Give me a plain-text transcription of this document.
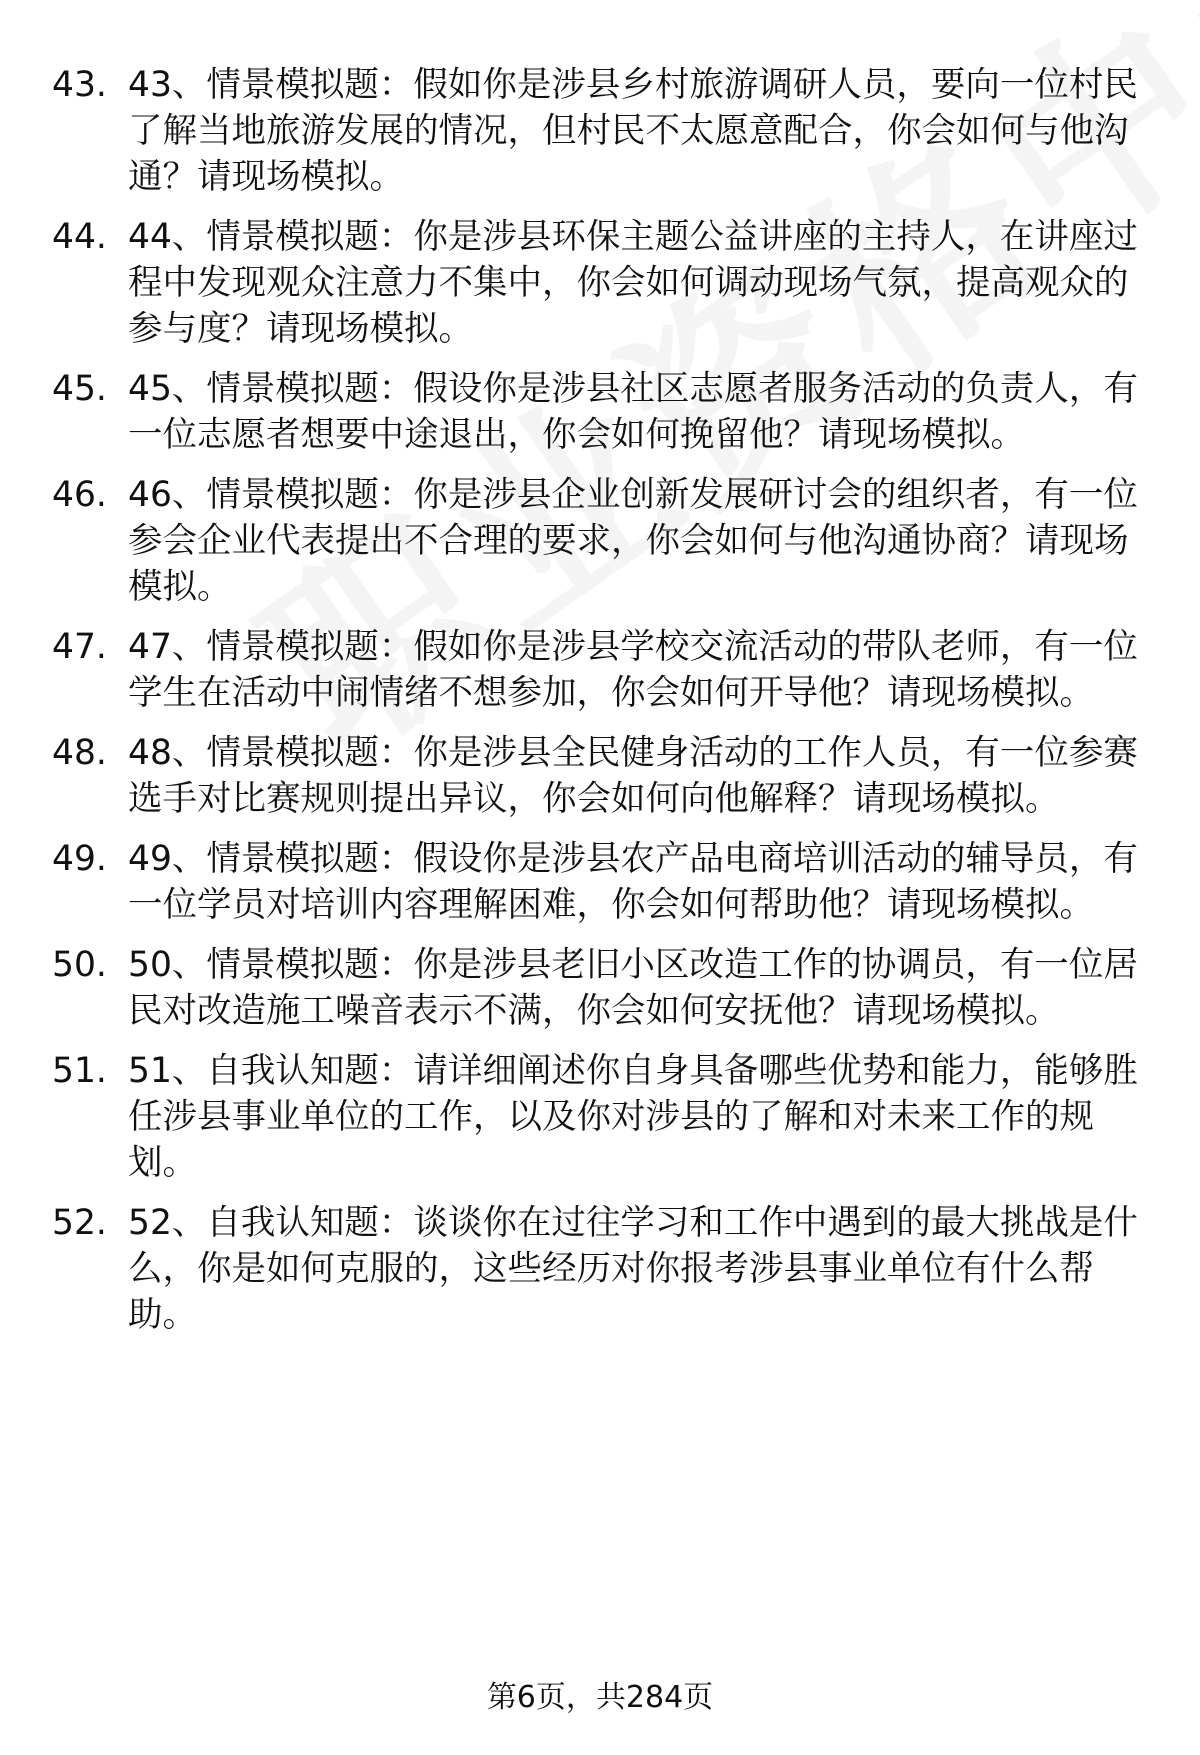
43. 43、情景模拟题：假如你是涉县乡村旅游调研人员，要向一位村民了解当地旅游发展的情况，但村民不太愿意配合，你会如何与他沟通？请现场模拟。
44. 44、情景模拟题：你是涉县环保主题公益讲座的主持人，在讲座过程中发现观众注意力不集中，你会如何调动现场气氛，提高观众的参与度？请现场模拟。
45. 45、情景模拟题：假设你是涉县社区志愿者服务活动的负责人，有一位志愿者想要中途退出，你会如何挽留他？请现场模拟。
46. 46、情景模拟题：你是涉县企业创新发展研讨会的组织者，有一位参会企业代表提出不合理的要求，你会如何与他沟通协商？请现场模拟。
47. 47、情景模拟题：假如你是涉县学校交流活动的带队老师，有一位学生在活动中闹情绪不想参加，你会如何开导他？请现场模拟。
48. 48、情景模拟题：你是涉县全民健身活动的工作人员，有一位参赛选手对比赛规则提出异议，你会如何向他解释？请现场模拟。
49. 49、情景模拟题：假设你是涉县农产品电商培训活动的辅导员，有一位学员对培训内容理解困难，你会如何帮助他？请现场模拟。
50. 50、情景模拟题：你是涉县老旧小区改造工作的协调员，有一位居民对改造施工噪音表示不满，你会如何安抚他？请现场模拟。
51. 51、自我认知题：请详细阐述你自身具备哪些优势和能力，能够胜任涉县事业单位的工作，以及你对涉县的了解和对未来工作的规划。
52. 52、自我认知题：谈谈你在过往学习和工作中遇到的最大挑战是什么，你是如何克服的，这些经历对你报考涉县事业单位有什么帮助。
第6页，共284页
